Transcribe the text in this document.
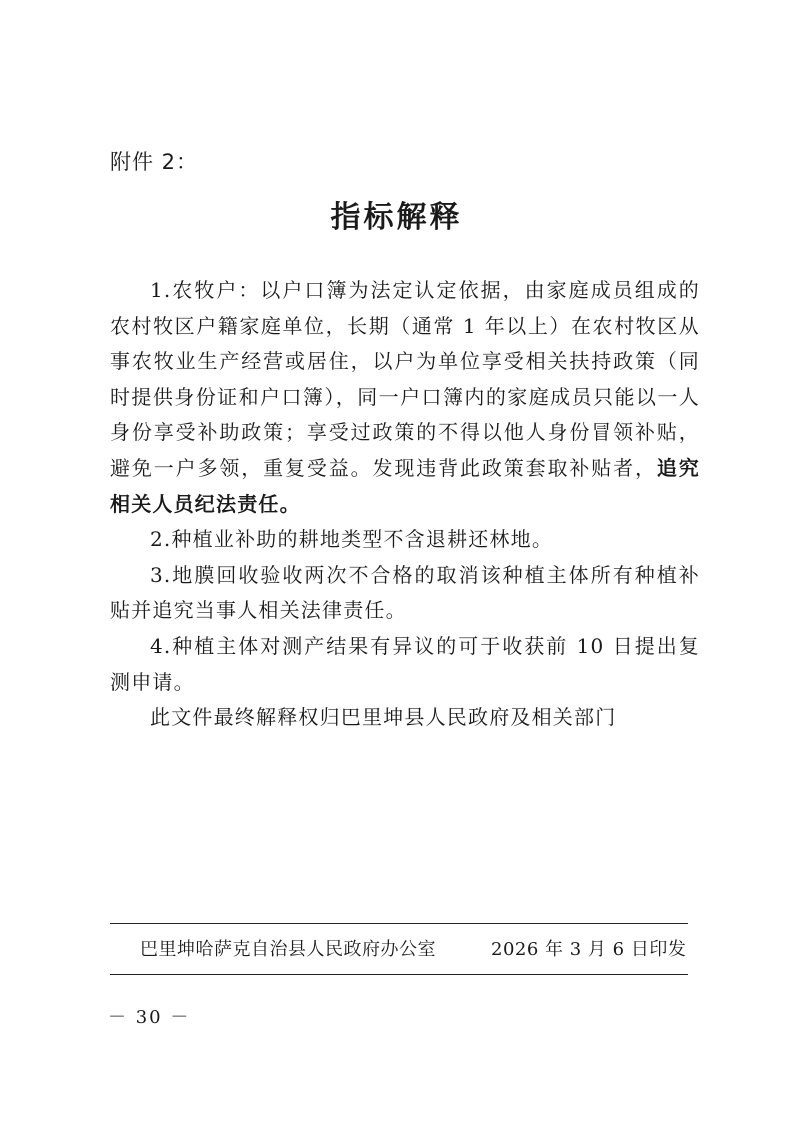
附件 2：
指标解释

1.农牧户：以户口簿为法定认定依据，由家庭成员组成的农村牧区户籍家庭单位，长期（通常 1 年以上）在农村牧区从事农牧业生产经营或居住，以户为单位享受相关扶持政策（同时提供身份证和户口簿），同一户口簿内的家庭成员只能以一人身份享受补助政策；享受过政策的不得以他人身份冒领补贴，避免一户多领，重复受益。发现违背此政策套取补贴者，追究相关人员纪法责任。

2.种植业补助的耕地类型不含退耕还林地。

3.地膜回收验收两次不合格的取消该种植主体所有种植补贴并追究当事人相关法律责任。

4.种植主体对测产结果有异议的可于收获前 10 日提出复测申请。

此文件最终解释权归巴里坤县人民政府及相关部门

巴里坤哈萨克自治县人民政府办公室	2026 年 3 月 6 日印发
－ 30 －
